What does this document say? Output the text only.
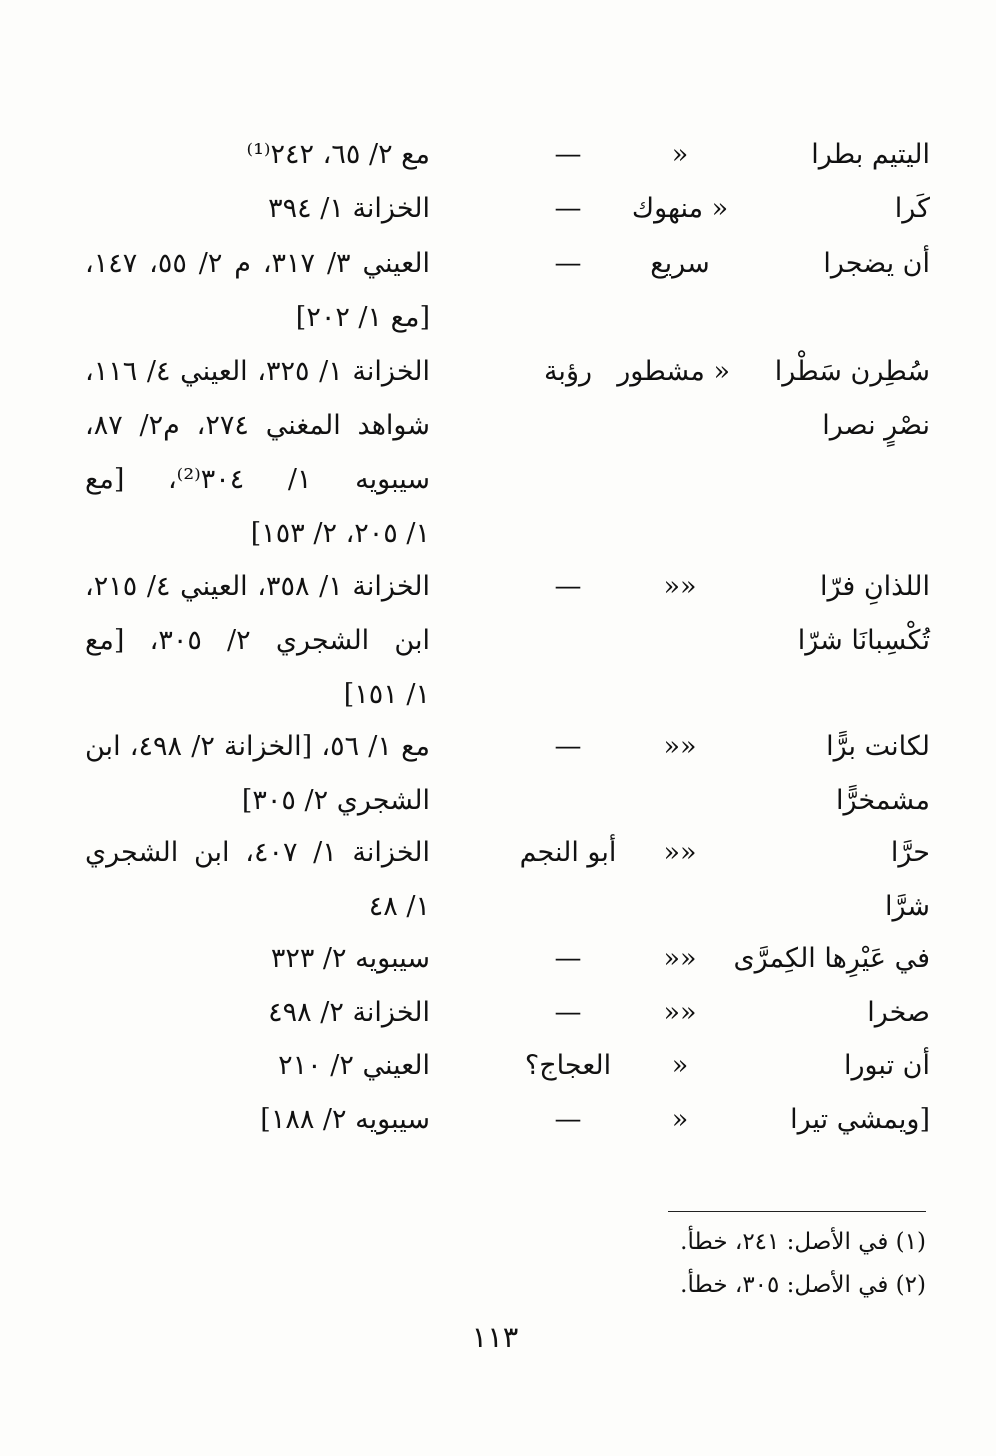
اليتيم بطرا
«
—
مع ٢/ ٦٥، ٢٤٢⁽¹⁾
كَرا
« منهوك
—
الخزانة ١/ ٣٩٤
أن يضجرا
سريع
—
العيني ٣/ ٣١٧، م ٢/ ٥٥، ١٤٧،
[مع ١/ ٢٠٢]
سُطِرن سَطْرا
« مشطور
رؤبة
الخزانة ١/ ٣٢٥، العيني ٤/ ١١٦،
نصْرٍ نصرا
شواهد المغني ٢٧٤، م٢/ ٨٧،
سيبويه ١/ ٣٠٤⁽²⁾، [مع
١/ ٢٠٥، ٢/ ١٥٣]
اللذانِ فرّا
««
—
الخزانة ١/ ٣٥٨، العيني ٤/ ٢١٥،
تُكْسِبانَا شرّا
ابن الشجري ٢/ ٣٠٥، [مع
١/ ١٥١]
لكانت برًّا
««
—
مع ١/ ٥٦، [الخزانة ٢/ ٤٩٨، ابن
مشمخرًّا
الشجري ٢/ ٣٠٥]
حرَّا
««
أبو النجم
الخزانة ١/ ٤٠٧، ابن الشجري
شرَّا
١/ ٤٨
في عَيْرِها الكِمرَّى
««
—
سيبويه ٢/ ٣٢٣
صخرا
««
—
الخزانة ٢/ ٤٩٨
أن تبورا
«
العجاج؟
العيني ٢/ ٢١٠
[ويمشي تيرا
«
—
سيبويه ٢/ ١٨٨]
(١) في الأصل: ٢٤١، خطأ.
(٢) في الأصل: ٣٠٥، خطأ.
١١٣
